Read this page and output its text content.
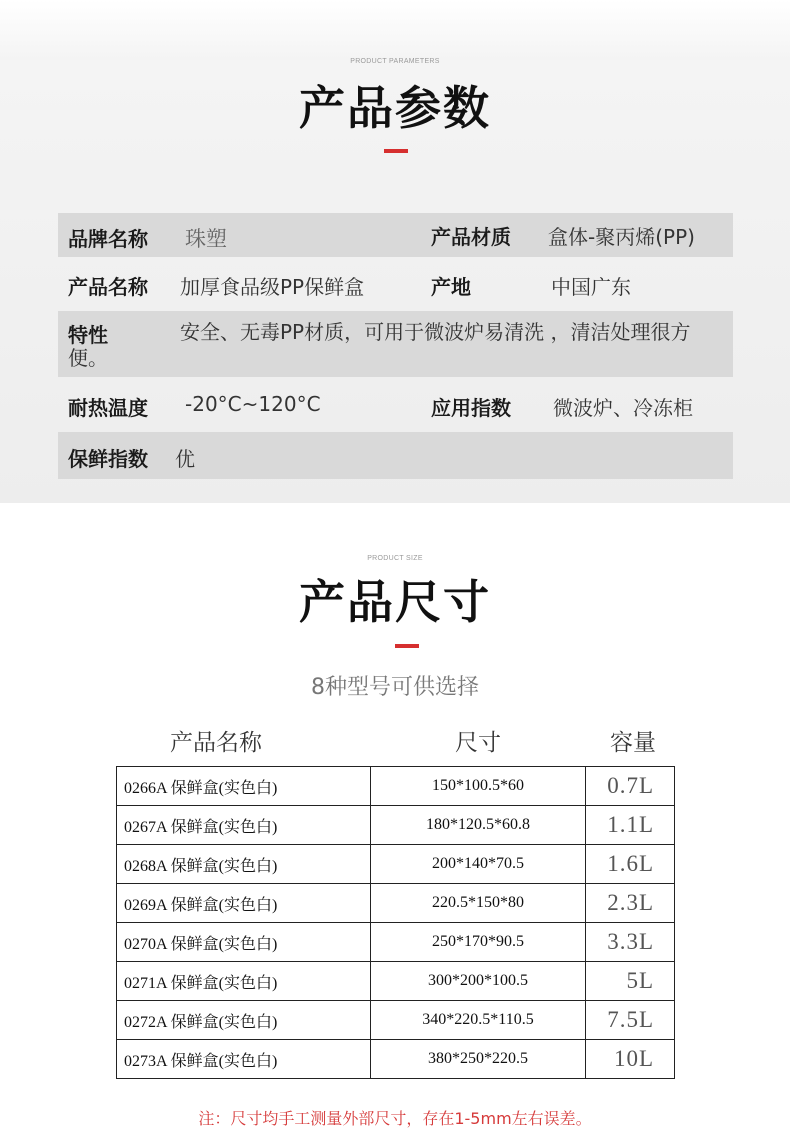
PRODUCT PARAMETERS
产品参数
品牌名称 珠塑	产品材质 盒体-聚丙烯(PP)
产品名称 加厚食品级PP保鲜盒	产地	中国广东
特性	安全、无毒PP材质，可用于微波炉易清洗 ，清洁处理很方便。
耐热温度 -20°C~120°C	应用指数 微波炉、冷冻柜
保鲜指数 优
PRODUCT SIZE
产品尺寸
8种型号可供选择
产品名称	尺寸	容量
0266A 保鲜盒(实色白)	150*100.5*60	0.7L
0267A 保鲜盒(实色白)	180*120.5*60.8	1.1L
0268A 保鲜盒(实色白)	200*140*70.5	1.6L
0269A 保鲜盒(实色白)	220.5*150*80	2.3L
0270A 保鲜盒(实色白)	250*170*90.5	3.3L
0271A 保鲜盒(实色白)	300*200*100.5	5L
0272A 保鲜盒(实色白)	340*220.5*110.5	7.5L
0273A 保鲜盒(实色白)	380*250*220.5	10L
注：尺寸均手工测量外部尺寸，存在1-5mm左右误差。
